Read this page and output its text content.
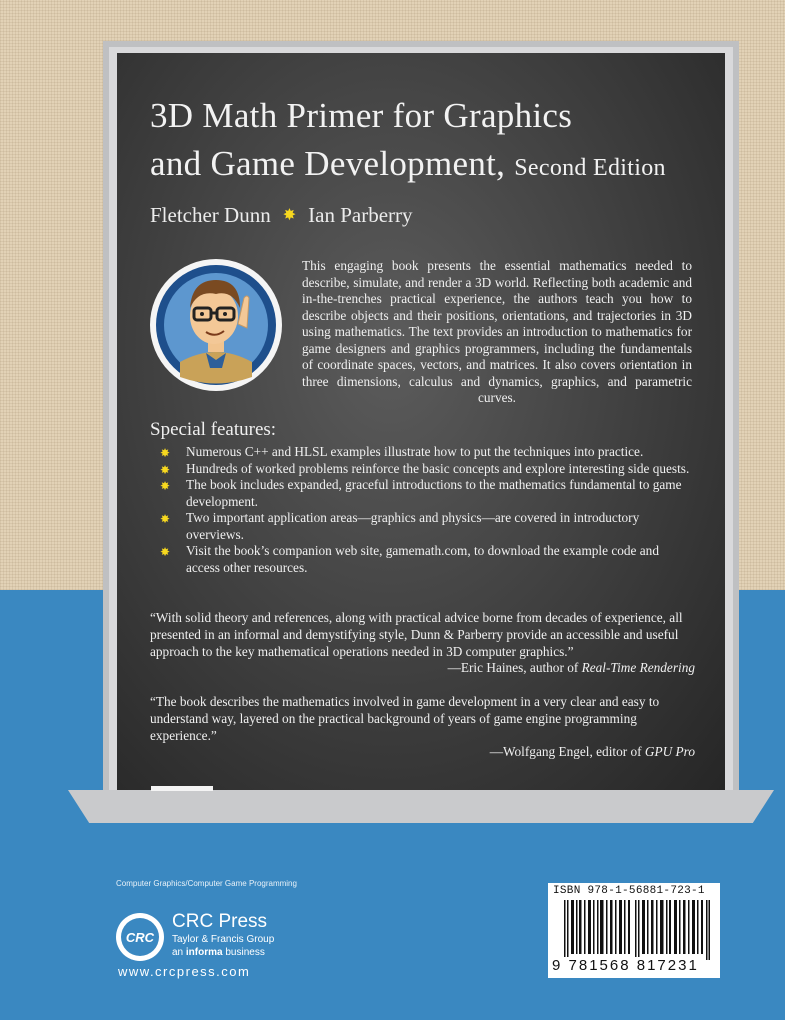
3D Math Primer for Graphics
and Game Development, Second Edition
Fletcher Dunn ✸ Ian Parberry

This engaging book presents the essential mathematics needed to describe, simulate, and render a 3D world. Reflecting both academic and in-the-trenches practical experience, the authors teach you how to describe objects and their positions, orientations, and trajectories in 3D using mathematics. The text provides an introduction to mathematics for game designers and graphics programmers, including the fundamentals of coordinate spaces, vectors, and matrices. It also covers orientation in three dimensions, calculus and dynamics, graphics, and parametric curves.

Special features:
✸ Numerous C++ and HLSL examples illustrate how to put the techniques into practice.
✸ Hundreds of worked problems reinforce the basic concepts and explore interesting side quests.
✸ The book includes expanded, graceful introductions to the mathematics fundamental to game development.
✸ Two important application areas—graphics and physics—are covered in introductory overviews.
✸ Visit the book’s companion web site, gamemath.com, to download the example code and access other resources.

“With solid theory and references, along with practical advice borne from decades of experience, all presented in an informal and demystifying style, Dunn & Parberry provide an accessible and useful approach to the key mathematical operations needed in 3D computer graphics.”
—Eric Haines, author of Real-Time Rendering

“The book describes the mathematics involved in game development in a very clear and easy to understand way, layered on the practical background of years of game engine programming experience.”
—Wolfgang Engel, editor of GPU Pro

Computer Graphics/Computer Game Programming
CRC
CRC Press
Taylor & Francis Group
an informa business
www.crcpress.com
ISBN 978-1-56881-723-1
9 781568 817231
